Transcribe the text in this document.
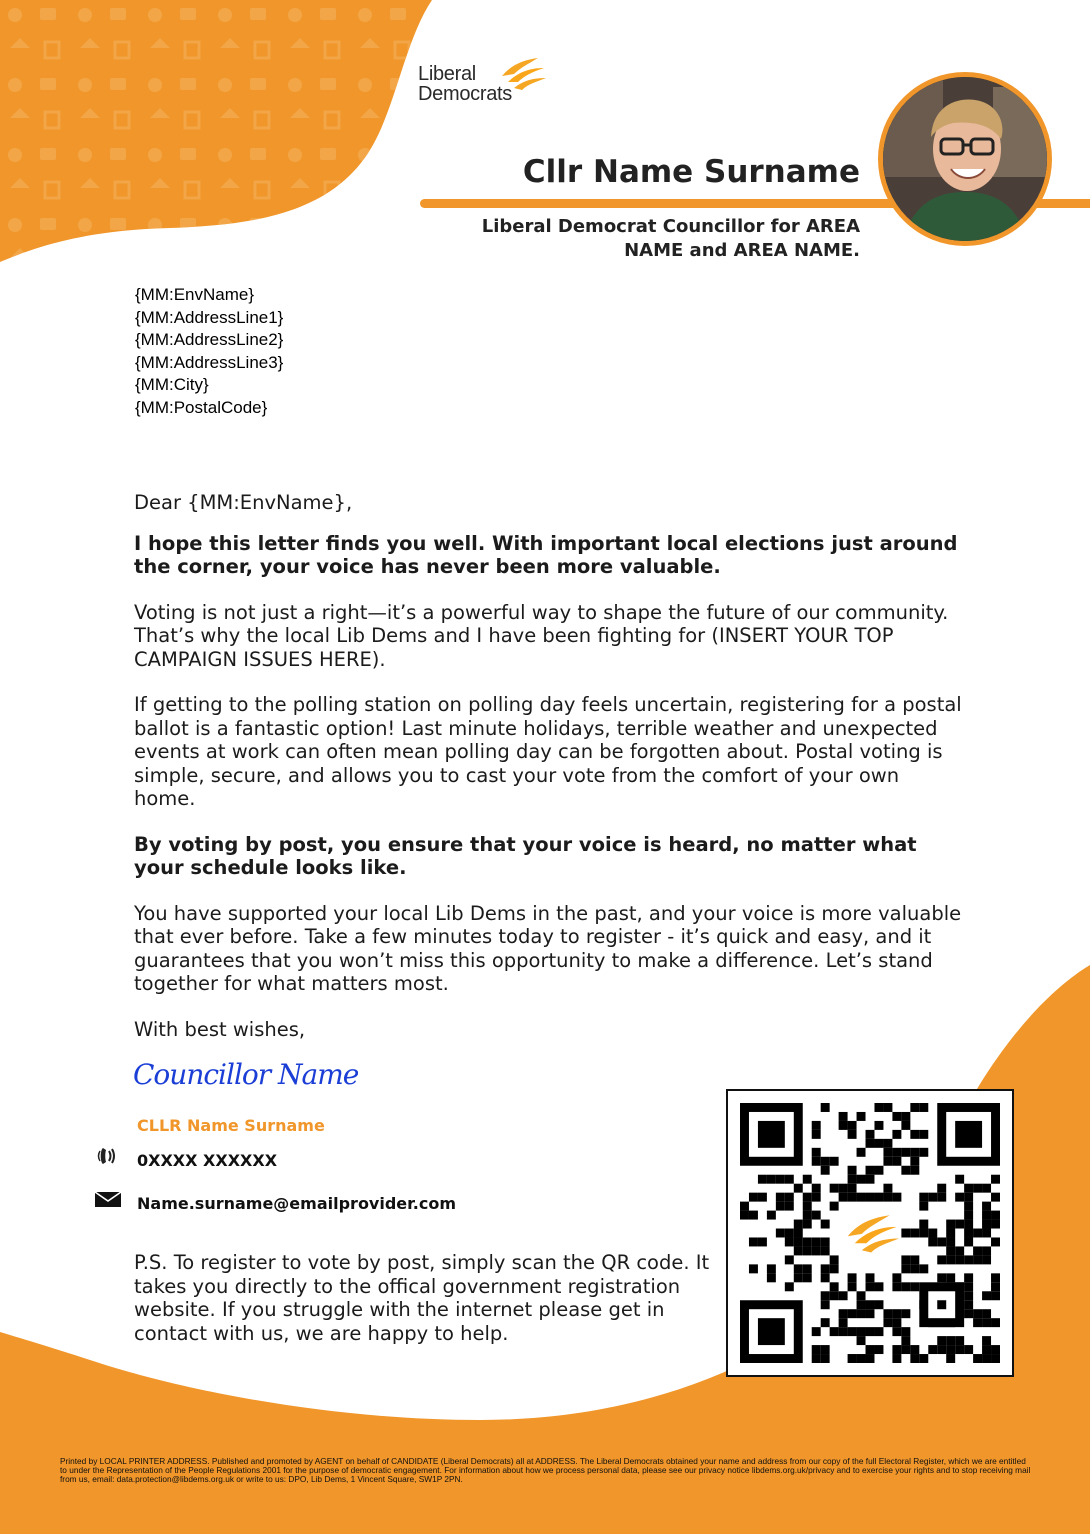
Liberal
Democrats
Cllr Name Surname
Liberal Democrat Councillor for AREA NAME and AREA NAME.
{MM:EnvName}
{MM:AddressLine1}
{MM:AddressLine2}
{MM:AddressLine3}
{MM:City}
{MM:PostalCode}

Dear {MM:EnvName},

I hope this letter finds you well. With important local elections just around the corner, your voice has never been more valuable.

Voting is not just a right—it’s a powerful way to shape the future of our community. That’s why the local Lib Dems and I have been fighting for (INSERT YOUR TOP CAMPAIGN ISSUES HERE).

If getting to the polling station on polling day feels uncertain, registering for a postal ballot is a fantastic option! Last minute holidays, terrible weather and unexpected events at work can often mean polling day can be forgotten about. Postal voting is simple, secure, and allows you to cast your vote from the comfort of your own home.

By voting by post, you ensure that your voice is heard, no matter what your schedule looks like.

You have supported your local Lib Dems in the past, and your voice is more valuable that ever before. Take a few minutes today to register - it’s quick and easy, and it guarantees that you won’t miss this opportunity to make a difference. Let’s stand together for what matters most.

With best wishes,

Councillor Name
CLLR Name Surname
0XXXX XXXXXX
Name.surname@emailprovider.com
P.S. To register to vote by post, simply scan the QR code. It takes you directly to the offical government registration website. If you struggle with the internet please get in contact with us, we are happy to help.
Printed by LOCAL PRINTER ADDRESS. Published and promoted by AGENT on behalf of CANDIDATE (Liberal Democrats) all at ADDRESS. The Liberal Democrats obtained your name and address from our copy of the full Electoral Register, which we are entitled to under the Representation of the People Regulations 2001 for the purpose of democratic engagement. For information about how we process personal data, please see our privacy notice libdems.org.uk/privacy and to exercise your rights and to stop receiving mail from us, email: data.protection@libdems.org.uk or write to us: DPO, Lib Dems, 1 Vincent Square, SW1P 2PN.
